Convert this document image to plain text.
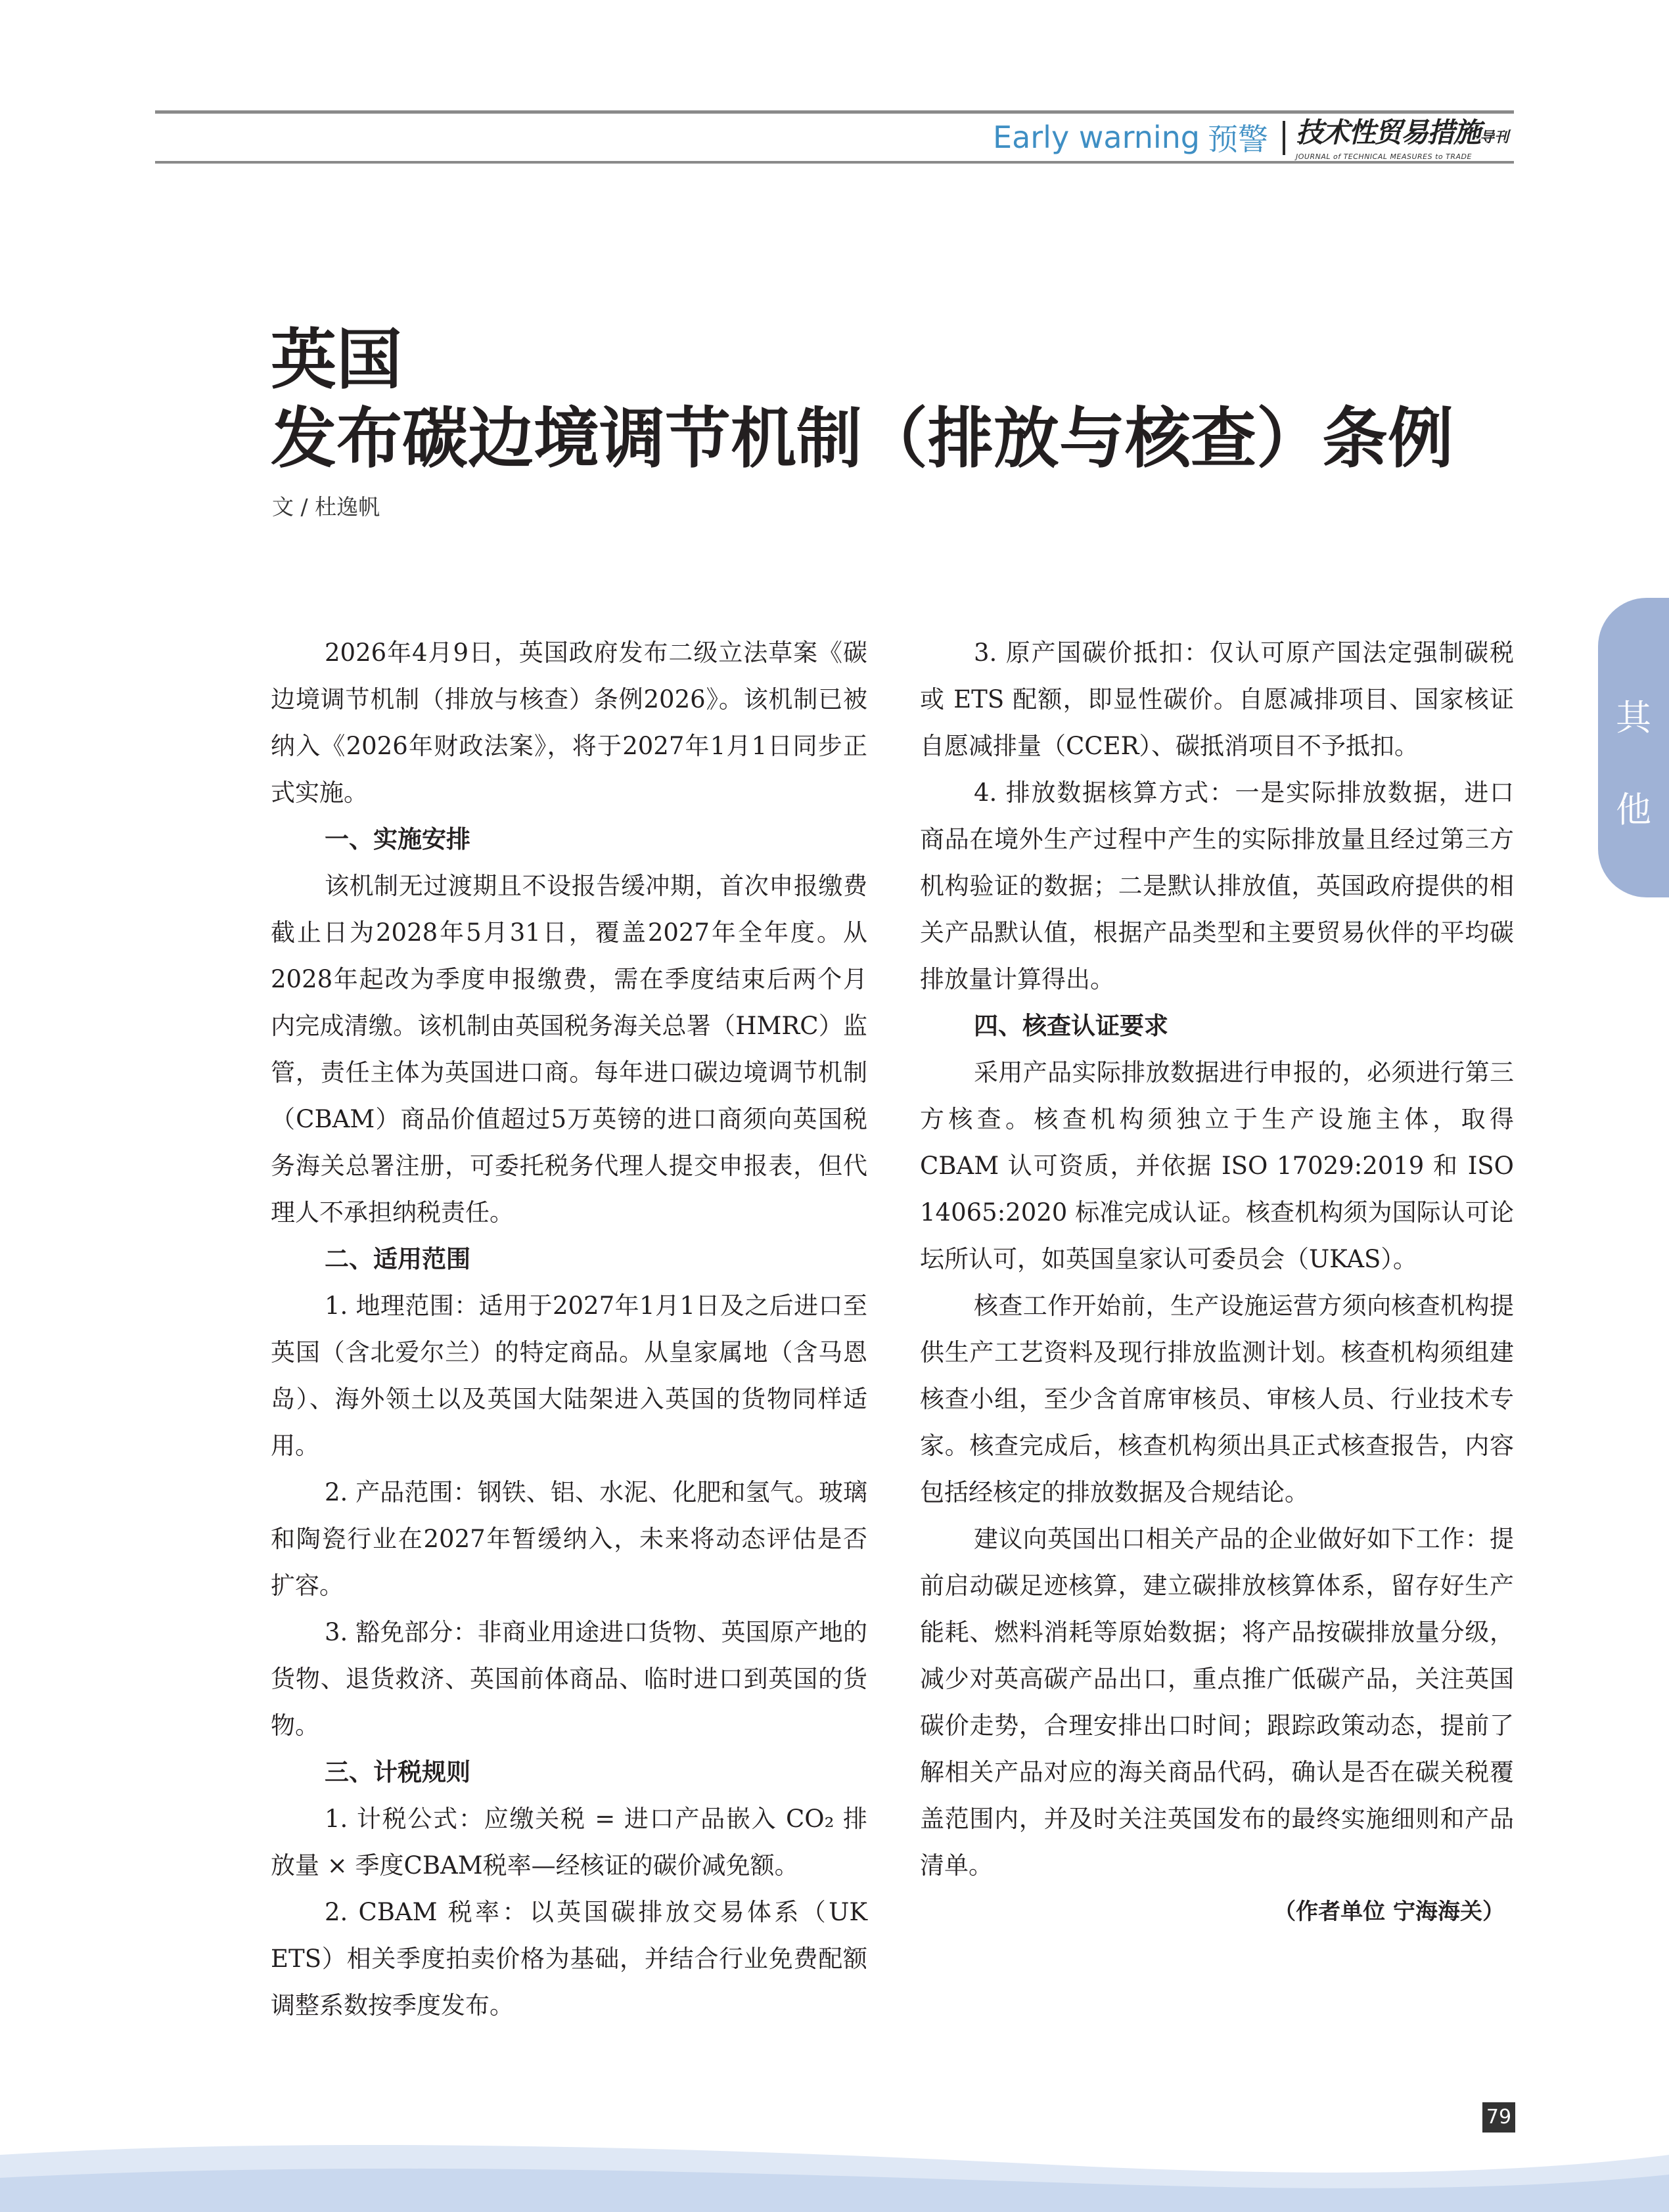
Early warning 预警 技术性贸易措施导刊
JOURNAL of TECHNICAL MEASURES to TRADE
英国
发布碳边境调节机制（排放与核查）条例
文 / 杜逸帆
其
他

2026年4月9日，英国政府发布二级立法草案《碳边境调节机制（排放与核查）条例2026》。该机制已被纳入《2026年财政法案》，将于2027年1月1日同步正式实施。

一、实施安排

该机制无过渡期且不设报告缓冲期，首次申报缴费截止日为2028年5月31日，覆盖2027年全年度。从2028年起改为季度申报缴费，需在季度结束后两个月内完成清缴。该机制由英国税务海关总署（HMRC）监管，责任主体为英国进口商。每年进口碳边境调节机制（CBAM）商品价值超过5万英镑的进口商须向英国税务海关总署注册，可委托税务代理人提交申报表，但代理人不承担纳税责任。

二、适用范围

1. 地理范围：适用于2027年1月1日及之后进口至英国（含北爱尔兰）的特定商品。从皇家属地（含马恩岛）、海外领土以及英国大陆架进入英国的货物同样适用。

2. 产品范围：钢铁、铝、水泥、化肥和氢气。玻璃和陶瓷行业在2027年暂缓纳入，未来将动态评估是否扩容。

3. 豁免部分：非商业用途进口货物、英国原产地的货物、退货救济、英国前体商品、临时进口到英国的货物。

三、计税规则

1. 计税公式：应缴关税 = 进口产品嵌入 CO₂ 排放量 × 季度CBAM税率—经核证的碳价减免额。

2. CBAM 税率：以英国碳排放交易体系（UK ETS）相关季度拍卖价格为基础，并结合行业免费配额调整系数按季度发布。

3. 原产国碳价抵扣：仅认可原产国法定强制碳税或 ETS 配额，即显性碳价。自愿减排项目、国家核证自愿减排量（CCER）、碳抵消项目不予抵扣。

4. 排放数据核算方式：一是实际排放数据，进口商品在境外生产过程中产生的实际排放量且经过第三方机构验证的数据；二是默认排放值，英国政府提供的相关产品默认值，根据产品类型和主要贸易伙伴的平均碳排放量计算得出。

四、核查认证要求

采用产品实际排放数据进行申报的，必须进行第三方核查。核查机构须独立于生产设施主体，取得 CBAM 认可资质，并依据 ISO 17029:2019 和 ISO 14065:2020 标准完成认证。核查机构须为国际认可论坛所认可，如英国皇家认可委员会（UKAS）。

核查工作开始前，生产设施运营方须向核查机构提供生产工艺资料及现行排放监测计划。核查机构须组建核查小组，至少含首席审核员、审核人员、行业技术专家。核查完成后，核查机构须出具正式核查报告，内容包括经核定的排放数据及合规结论。

建议向英国出口相关产品的企业做好如下工作：提前启动碳足迹核算，建立碳排放核算体系，留存好生产能耗、燃料消耗等原始数据；将产品按碳排放量分级，减少对英高碳产品出口，重点推广低碳产品，关注英国碳价走势，合理安排出口时间；跟踪政策动态，提前了解相关产品对应的海关商品代码，确认是否在碳关税覆盖范围内，并及时关注英国发布的最终实施细则和产品清单。

（作者单位 宁海海关）

79
